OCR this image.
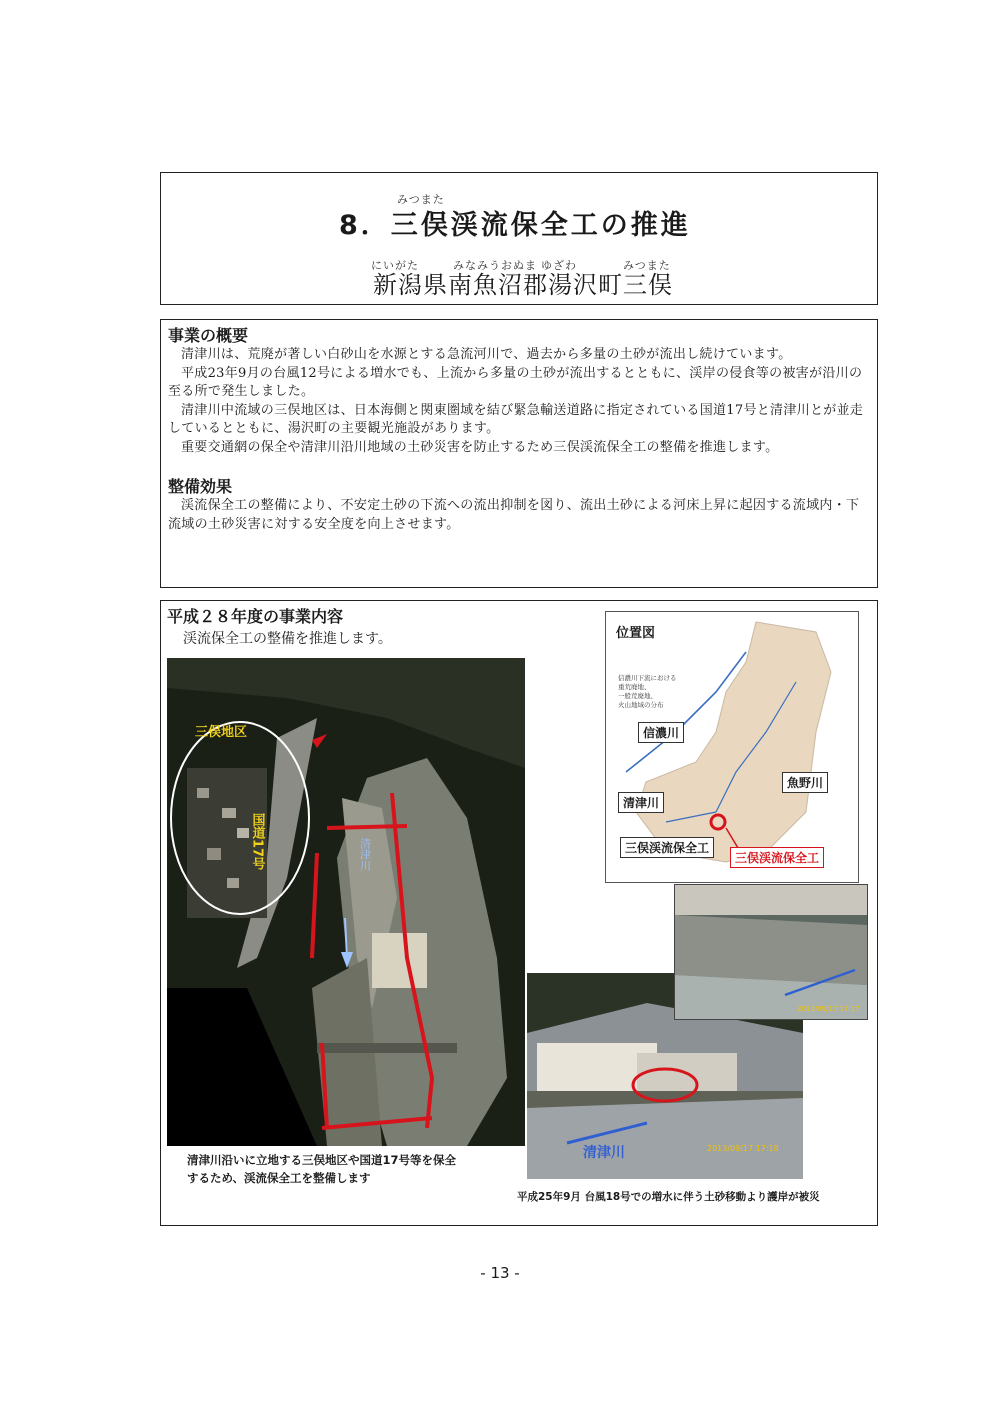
みつまた
8．三俣渓流保全工の推進
にいがた	みなみうおぬま ゆざわ	みつまた
新潟県南魚沼郡湯沢町三俣
事業の概要

清津川は、荒廃が著しい白砂山を水源とする急流河川で、過去から多量の土砂が流出し続けています。

平成23年9月の台風12号による増水でも、上流から多量の土砂が流出するとともに、渓岸の侵食等の被害が沿川の至る所で発生しました。

清津川中流域の三俣地区は、日本海側と関東圏域を結び緊急輸送道路に指定されている国道17号と清津川とが並走しているとともに、湯沢町の主要観光施設があります。

重要交通網の保全や清津川沿川地域の土砂災害を防止するため三俣渓流保全工の整備を推進します。

整備効果

渓流保全工の整備により、不安定土砂の下流への流出抑制を図り、流出土砂による河床上昇に起因する流域内・下流域の土砂災害に対する安全度を向上させます。

平成２８年度の事業内容
渓流保全工の整備を推進します。
三俣地区
国道17号	清津川
清津川沿いに立地する三俣地区や国道17号等を保全
するため、渓流保全工を整備します
位置図
信濃川下流における
重荒廃地、
一般荒廃地、
火山地域の分布
信濃川
清津川
魚野川
三俣渓流保全工
三俣渓流保全工
清津川	2013/09/17 17:18
2013/09/17 17:17
平成25年9月 台風18号での増水に伴う土砂移動より護岸が被災
- 13 -
